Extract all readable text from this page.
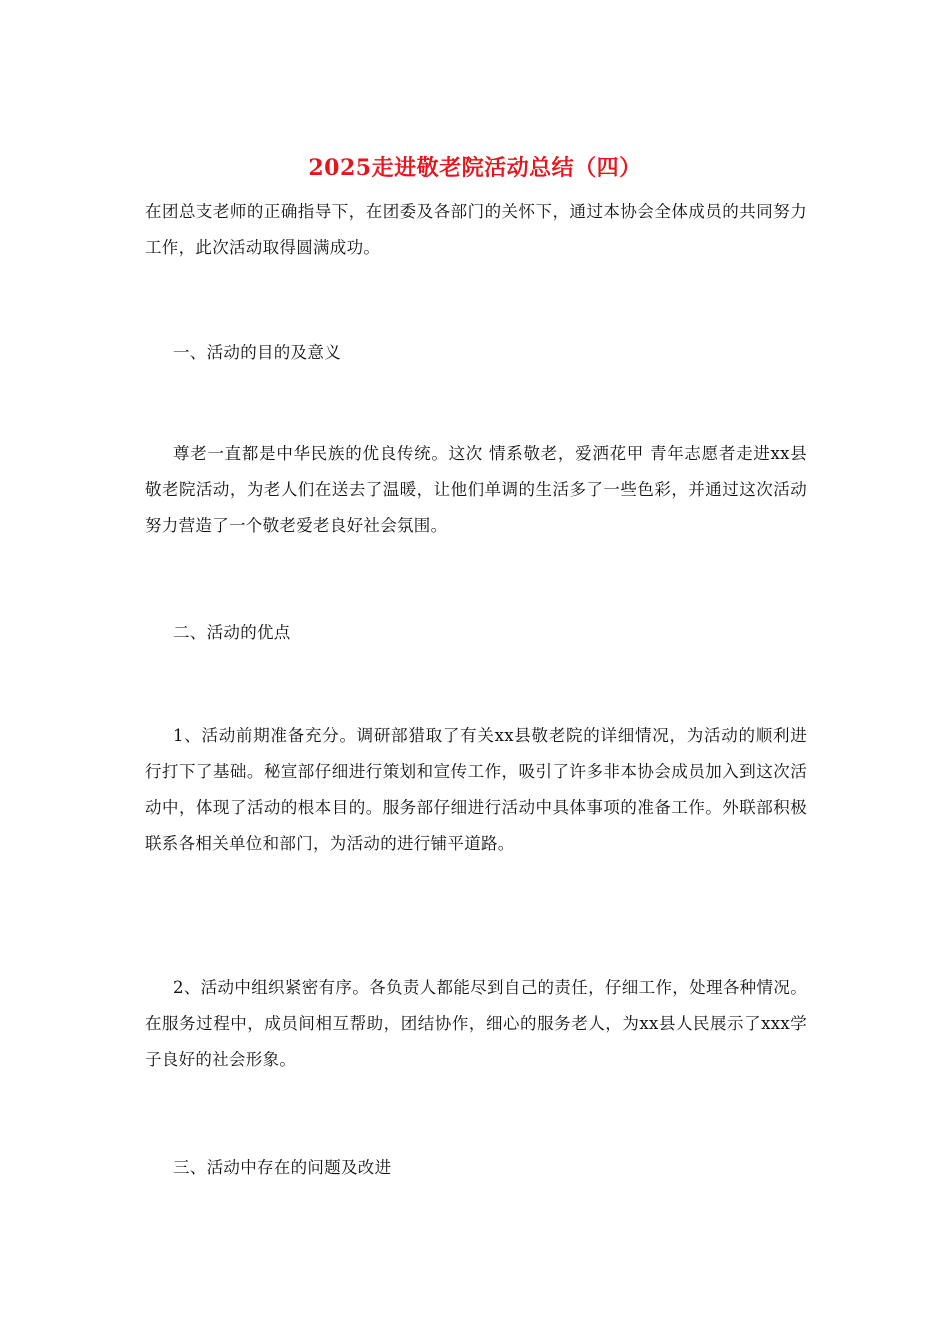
2025走进敬老院活动总结（四）

在团总支老师的正确指导下，在团委及各部门的关怀下，通过本协会全体成员的共同努力工作，此次活动取得圆满成功。

一、活动的目的及意义

尊老一直都是中华民族的优良传统。这次 情系敬老，爱洒花甲 青年志愿者走进xx县敬老院活动，为老人们在送去了温暖，让他们单调的生活多了一些色彩，并通过这次活动努力营造了一个敬老爱老良好社会氛围。

二、活动的优点

1、活动前期准备充分。调研部猎取了有关xx县敬老院的详细情况，为活动的顺利进行打下了基础。秘宣部仔细进行策划和宣传工作，吸引了许多非本协会成员加入到这次活动中，体现了活动的根本目的。服务部仔细进行活动中具体事项的准备工作。外联部积极联系各相关单位和部门，为活动的进行铺平道路。

2、活动中组织紧密有序。各负责人都能尽到自己的责任，仔细工作，处理各种情况。在服务过程中，成员间相互帮助，团结协作，细心的服务老人，为xx县人民展示了xxx学子良好的社会形象。

三、活动中存在的问题及改进
